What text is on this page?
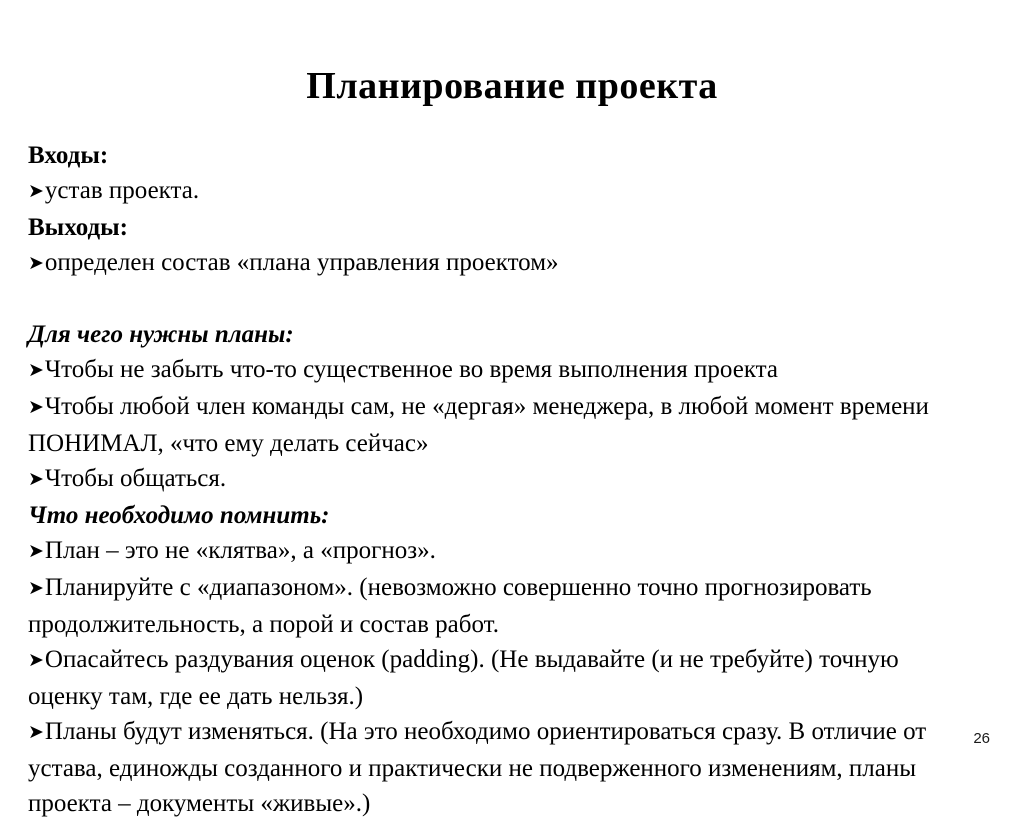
Планирование проекта
Входы:
➤ устав проекта.
Выходы:
➤ определен состав «плана управления проектом»

Для чего нужны планы:
➤ Чтобы не забыть что-то существенное во время выполнения проекта
➤ Чтобы любой член команды сам, не «дергая» менеджера, в любой момент времени
ПОНИМАЛ, «что ему делать сейчас»
➤ Чтобы общаться.
Что необходимо помнить:
➤ План – это не «клятва», а «прогноз».
➤ Планируйте с «диапазоном». (невозможно совершенно точно прогнозировать
продолжительность, а порой и состав работ.
➤ Опасайтесь раздувания оценок (padding). (Не выдавайте (и не требуйте) точную
оценку там, где ее дать нельзя.)
➤ Планы будут изменяться. (На это необходимо ориентироваться сразу. В отличие от
устава, единожды созданного и практически не подверженного изменениям, планы
проекта – документы «живые».)
26
